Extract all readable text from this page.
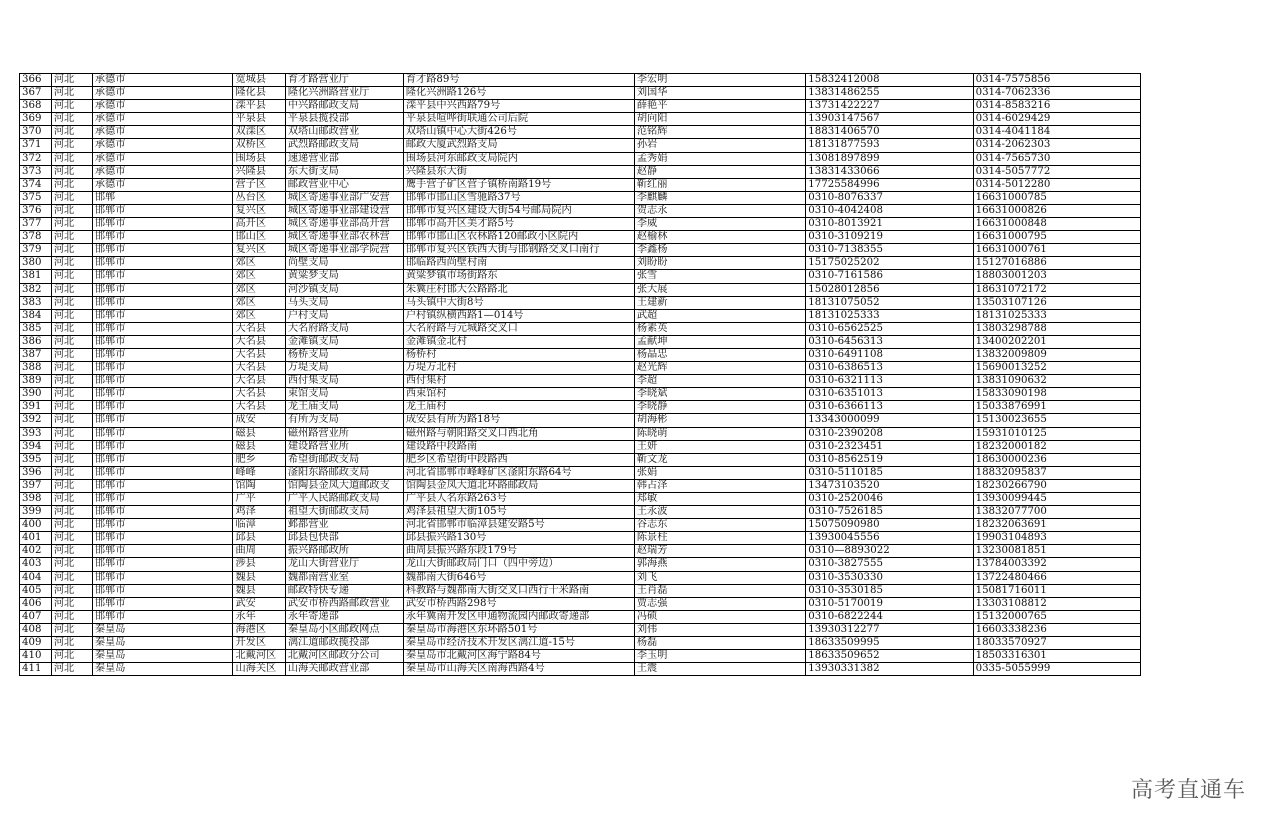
366	河北	承德市	宽城县	育才路营业厅	育才路89号	李宏明	15832412008	0314-7575856
367	河北	承德市	隆化县	隆化兴洲路营业厅	隆化兴洲路126号	刘国华	13831486255	0314-7062336
368	河北	承德市	滦平县	中兴路邮政支局	滦平县中兴西路79号	薛艳平	13731422227	0314-8583216
369	河北	承德市	平泉县	平泉县揽投部	平泉县喧哗街联通公司后院	胡向阳	13903147567	0314-6029429
370	河北	承德市	双滦区	双塔山邮政营业	双塔山镇中心大街426号	范铭辉	18831406570	0314-4041184
371	河北	承德市	双桥区	武烈路邮政支局	邮政大厦武烈路支局	孙岩	18131877593	0314-2062303
372	河北	承德市	围场县	速递营业部	围场县河东邮政支局院内	孟秀娟	13081897899	0314-7565730
373	河北	承德市	兴隆县	东大街支局	兴隆县东大街	赵静	13831433066	0314-5057772
374	河北	承德市	营子区	邮政营业中心	鹰手营子矿区营子镇桥南路19号	靳红丽	17725584996	0314-5012280
375	河北	邯郸	丛台区	城区寄递事业部广安营	邯郸市邯山区雪驰路37号	李麒麟	0310-8076337	16631000785
376	河北	邯郸市	复兴区	城区寄递事业部建设营	邯郸市复兴区建设大街54号邮局院内	贺志永	0310-4042408	16631000826
377	河北	邯郸市	高开区	城区寄递事业部高开营	邯郸市高开区美才路5号	李威	0310-8013921	16631000848
378	河北	邯郸市	邯山区	城区寄递事业部农林营	邯郸市邯山区农林路120邮政小区院内	赵榆林	0310-3109219	16631000795
379	河北	邯郸市	复兴区	城区寄递事业部学院营	邯郸市复兴区铁西大街与邯钢路交叉口南行	李鑫杨	0310-7138355	16631000761
380	河北	邯郸市	郊区	尚壁支局	邯临路西尚壁村南	刘盼盼	15175025202	15127016886
381	河北	邯郸市	郊区	黄粱梦支局	黄粱梦镇市场街路东	张雪	0310-7161586	18803001203
382	河北	邯郸市	郊区	河沙镇支局	朱冀庄村邯大公路路北	张大展	15028012856	18631072172
383	河北	邯郸市	郊区	马头支局	马头镇中大街8号	王建新	18131075052	13503107126
384	河北	邯郸市	郊区	户村支局	户村镇纵横西路1—014号	武超	18131025333	18131025333
385	河北	邯郸市	大名县	大名府路支局	大名府路与元城路交叉口	杨素英	0310-6562525	13803298788
386	河北	邯郸市	大名县	金滩镇支局	金滩镇金北村	孟献坤	0310-6456313	13400202201
387	河北	邯郸市	大名县	杨桥支局	杨桥村	杨晶忠	0310-6491108	13832009809
388	河北	邯郸市	大名县	万堤支局	万堤万北村	赵光辉	0310-6386513	15690013252
389	河北	邯郸市	大名县	西付集支局	西付集村	李超	0310-6321113	13831090632
390	河北	邯郸市	大名县	束馆支局	西束馆村	李晓斌	0310-6351013	15833090198
391	河北	邯郸市	大名县	龙王庙支局	龙王庙村	李晓静	0310-6366113	15033876991
392	河北	邯郸市	成安	有所为支局	成安县有所为路18号	胡海彬	13343000099	15130023655
393	河北	邯郸市	磁县	磁州路营业所	磁州路与朝阳路交叉口西北角	陈晓萌	0310-2390208	15931010125
394	河北	邯郸市	磁县	建设路营业所	建设路中段路南	王妍	0310-2323451	18232000182
395	河北	邯郸市	肥乡	希望街邮政支局	肥乡区希望街中段路西	靳文龙	0310-8562519	18630000236
396	河北	邯郸市	峰峰	滏阳东路邮政支局	河北省邯郸市峰峰矿区滏阳东路64号	张娟	0310-5110185	18832095837
397	河北	邯郸市	馆陶	馆陶县金凤大道邮政支	馆陶县金凤大道北环路邮政局	韩占泽	13473103520	18230266790
398	河北	邯郸市	广平	广平人民路邮政支局	广平县人名东路263号	郑敏	0310-2520046	13930099445
399	河北	邯郸市	鸡泽	祖望大街邮政支局	鸡泽县祖望大街105号	王永波	0310-7526185	13832077700
400	河北	邯郸市	临漳	邺都营业	河北省邯郸市临漳县建安路5号	谷志东	15075090980	18232063691
401	河北	邯郸市	邱县	邱县包快部	邱县振兴路130号	陈景柱	13930045556	19903104893
402	河北	邯郸市	曲周	振兴路邮政所	曲周县振兴路东段179号	赵瑞芳	0310—8893022	13230081851
403	河北	邯郸市	涉县	龙山大街营业厅	龙山大街邮政局门口（四中旁边）	郭海燕	0310-3827555	13784003392
404	河北	邯郸市	魏县	魏都南营业室	魏都南大街646号	刘飞	0310-3530330	13722480466
405	河北	邯郸市	魏县	邮政特快专递	科教路与魏都南大街交叉口西行十米路南	王肖磊	0310-3530185	15081716011
406	河北	邯郸市	武安	武安市桥西路邮政营业	武安市桥西路298号	贾志强	0310-5170019	13303108812
407	河北	邯郸市	永年	永年寄递部	永年冀南开发区申通物流园内邮政寄递部	冯硕	0310-6822244	15132000765
408	河北	秦皇岛	海港区	秦皇岛小区邮政网点	秦皇岛市海港区东环路501号	刘伟	13930312277	16603338236
409	河北	秦皇岛	开发区	漓江道邮政揽投部	秦皇岛市经济技术开发区漓江道-15号	杨磊	18633509995	18033570927
410	河北	秦皇岛	北戴河区	北戴河区邮政分公司	秦皇岛市北戴河区海宁路84号	李玉明	18633509652	18503316301
411	河北	秦皇岛	山海关区	山海关邮政营业部	秦皇岛市山海关区南海西路4号	王震	13930331382	0335-5055999
高考直通车
